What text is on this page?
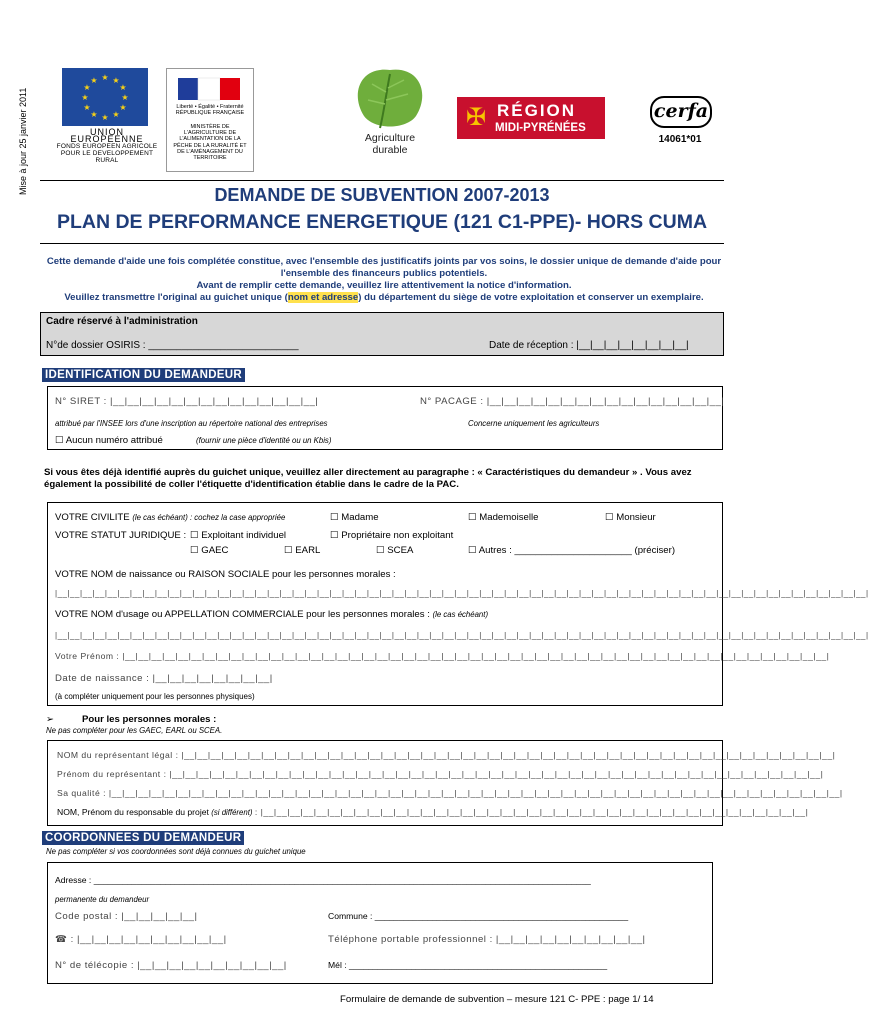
Mise à jour 25 janvier 2011
★ ★
★
★
★
★
★
★
★
★
★
★
UNION EUROPEENNE
FONDS EUROPEEN AGRICOLE
POUR LE DEVELOPPEMENT RURAL
Liberté • Égalité • Fraternité RÉPUBLIQUE FRANÇAISE
MINISTÈRE DE L'AGRICULTURE DE L'ALIMENTATION DE LA PÊCHE DE LA RURALITÉ ET DE L'AMÉNAGEMENT DU TERRITOIRE
Agriculture
durable
✠ RÉGION
MIDI-PYRÉNÉES
cerfa
14061*01
DEMANDE DE SUBVENTION 2007-2013
PLAN DE PERFORMANCE ENERGETIQUE (121 C1-PPE)- HORS CUMA
Cette demande d'aide une fois complétée constitue, avec l'ensemble des justificatifs joints par vos soins, le dossier unique de demande d'aide pour l'ensemble des financeurs publics potentiels.
Avant de remplir cette demande, veuillez lire attentivement la notice d'information.
Veuillez transmettre l'original au guichet unique (nom et adresse) du département du siège de votre exploitation et conserver un exemplaire.
Cadre réservé à l'administration
N°de dossier OSIRIS : ___________________________	Date de réception : |__|__|__|__|__|__|__|__|
IDENTIFICATION DU DEMANDEUR
N° SIRET : |__|__|__|__|__|__|__|__|__|__|__|__|__|__|	N° PACAGE : |__|__|__|__|__|__|__|__|__|__|__|__|__|__|__|__|
attribué par l'INSEE lors d'une inscription au répertoire national des entreprises	Concerne uniquement les agriculteurs
☐ Aucun numéro attribué	(fournir une pièce d'identité ou un Kbis)
Si vous êtes déjà identifié auprès du guichet unique, veuillez aller directement au paragraphe : « Caractéristiques du demandeur » . Vous avez également la possibilité de coller l'étiquette d'identification établie dans le cadre de la PAC.
VOTRE CIVILITE (le cas échéant) : cochez la case appropriée	☐ Madame	☐ Mademoiselle	☐ Monsieur
VOTRE STATUT JURIDIQUE : ☐ Exploitant individuel	☐ Propriétaire non exploitant
☐ GAEC	☐ EARL	☐ SCEA	☐ Autres : ______________________ (préciser)
VOTRE NOM de naissance ou RAISON SOCIALE pour les personnes morales :
|__|__|__|__|__|__|__|__|__|__|__|__|__|__|__|__|__|__|__|__|__|__|__|__|__|__|__|__|__|__|__|__|__|__|__|__|__|__|__|__|__|__|__|__|__|__|__|__|__|__|__|__|__|__|__|__|__|__|__|__|__|__|__|__|__|
VOTRE NOM d'usage ou APPELLATION COMMERCIALE pour les personnes morales : (le cas échéant)
|__|__|__|__|__|__|__|__|__|__|__|__|__|__|__|__|__|__|__|__|__|__|__|__|__|__|__|__|__|__|__|__|__|__|__|__|__|__|__|__|__|__|__|__|__|__|__|__|__|__|__|__|__|__|__|__|__|__|__|__|__|__|__|__|__|
Votre Prénom : |__|__|__|__|__|__|__|__|__|__|__|__|__|__|__|__|__|__|__|__|__|__|__|__|__|__|__|__|__|__|__|__|__|__|__|__|__|__|__|__|__|__|__|__|__|__|__|__|__|__|__|__|__|
Date de naissance : |__|__|__|__|__|__|__|__|
(à compléter uniquement pour les personnes physiques)
➢	Pour les personnes morales :
Ne pas compléter pour les GAEC, EARL ou SCEA.
NOM du représentant légal : |__|__|__|__|__|__|__|__|__|__|__|__|__|__|__|__|__|__|__|__|__|__|__|__|__|__|__|__|__|__|__|__|__|__|__|__|__|__|__|__|__|__|__|__|__|__|__|__|__|
Prénom du représentant : |__|__|__|__|__|__|__|__|__|__|__|__|__|__|__|__|__|__|__|__|__|__|__|__|__|__|__|__|__|__|__|__|__|__|__|__|__|__|__|__|__|__|__|__|__|__|__|__|__|
Sa qualité : |__|__|__|__|__|__|__|__|__|__|__|__|__|__|__|__|__|__|__|__|__|__|__|__|__|__|__|__|__|__|__|__|__|__|__|__|__|__|__|__|__|__|__|__|__|__|__|__|__|__|__|__|__|__|__|
NOM, Prénom du responsable du projet (si différent) : |__|__|__|__|__|__|__|__|__|__|__|__|__|__|__|__|__|__|__|__|__|__|__|__|__|__|__|__|__|__|__|__|__|__|__|__|__|__|__|__|__|
COORDONNEES DU DEMANDEUR
Ne pas compléter si vos coordonnées sont déjà connues du guichet unique
Adresse : ________________________________________________________________________________________________________
permanente du demandeur
Code postal : |__|__|__|__|__|	Commune : _____________________________________________________
☎ : |__|__|__|__|__|__|__|__|__|__|	Téléphone portable professionnel : |__|__|__|__|__|__|__|__|__|__|
N° de télécopie : |__|__|__|__|__|__|__|__|__|__|	Mél : ______________________________________________________
Formulaire de demande de subvention – mesure 121 C- PPE : page 1/ 14
